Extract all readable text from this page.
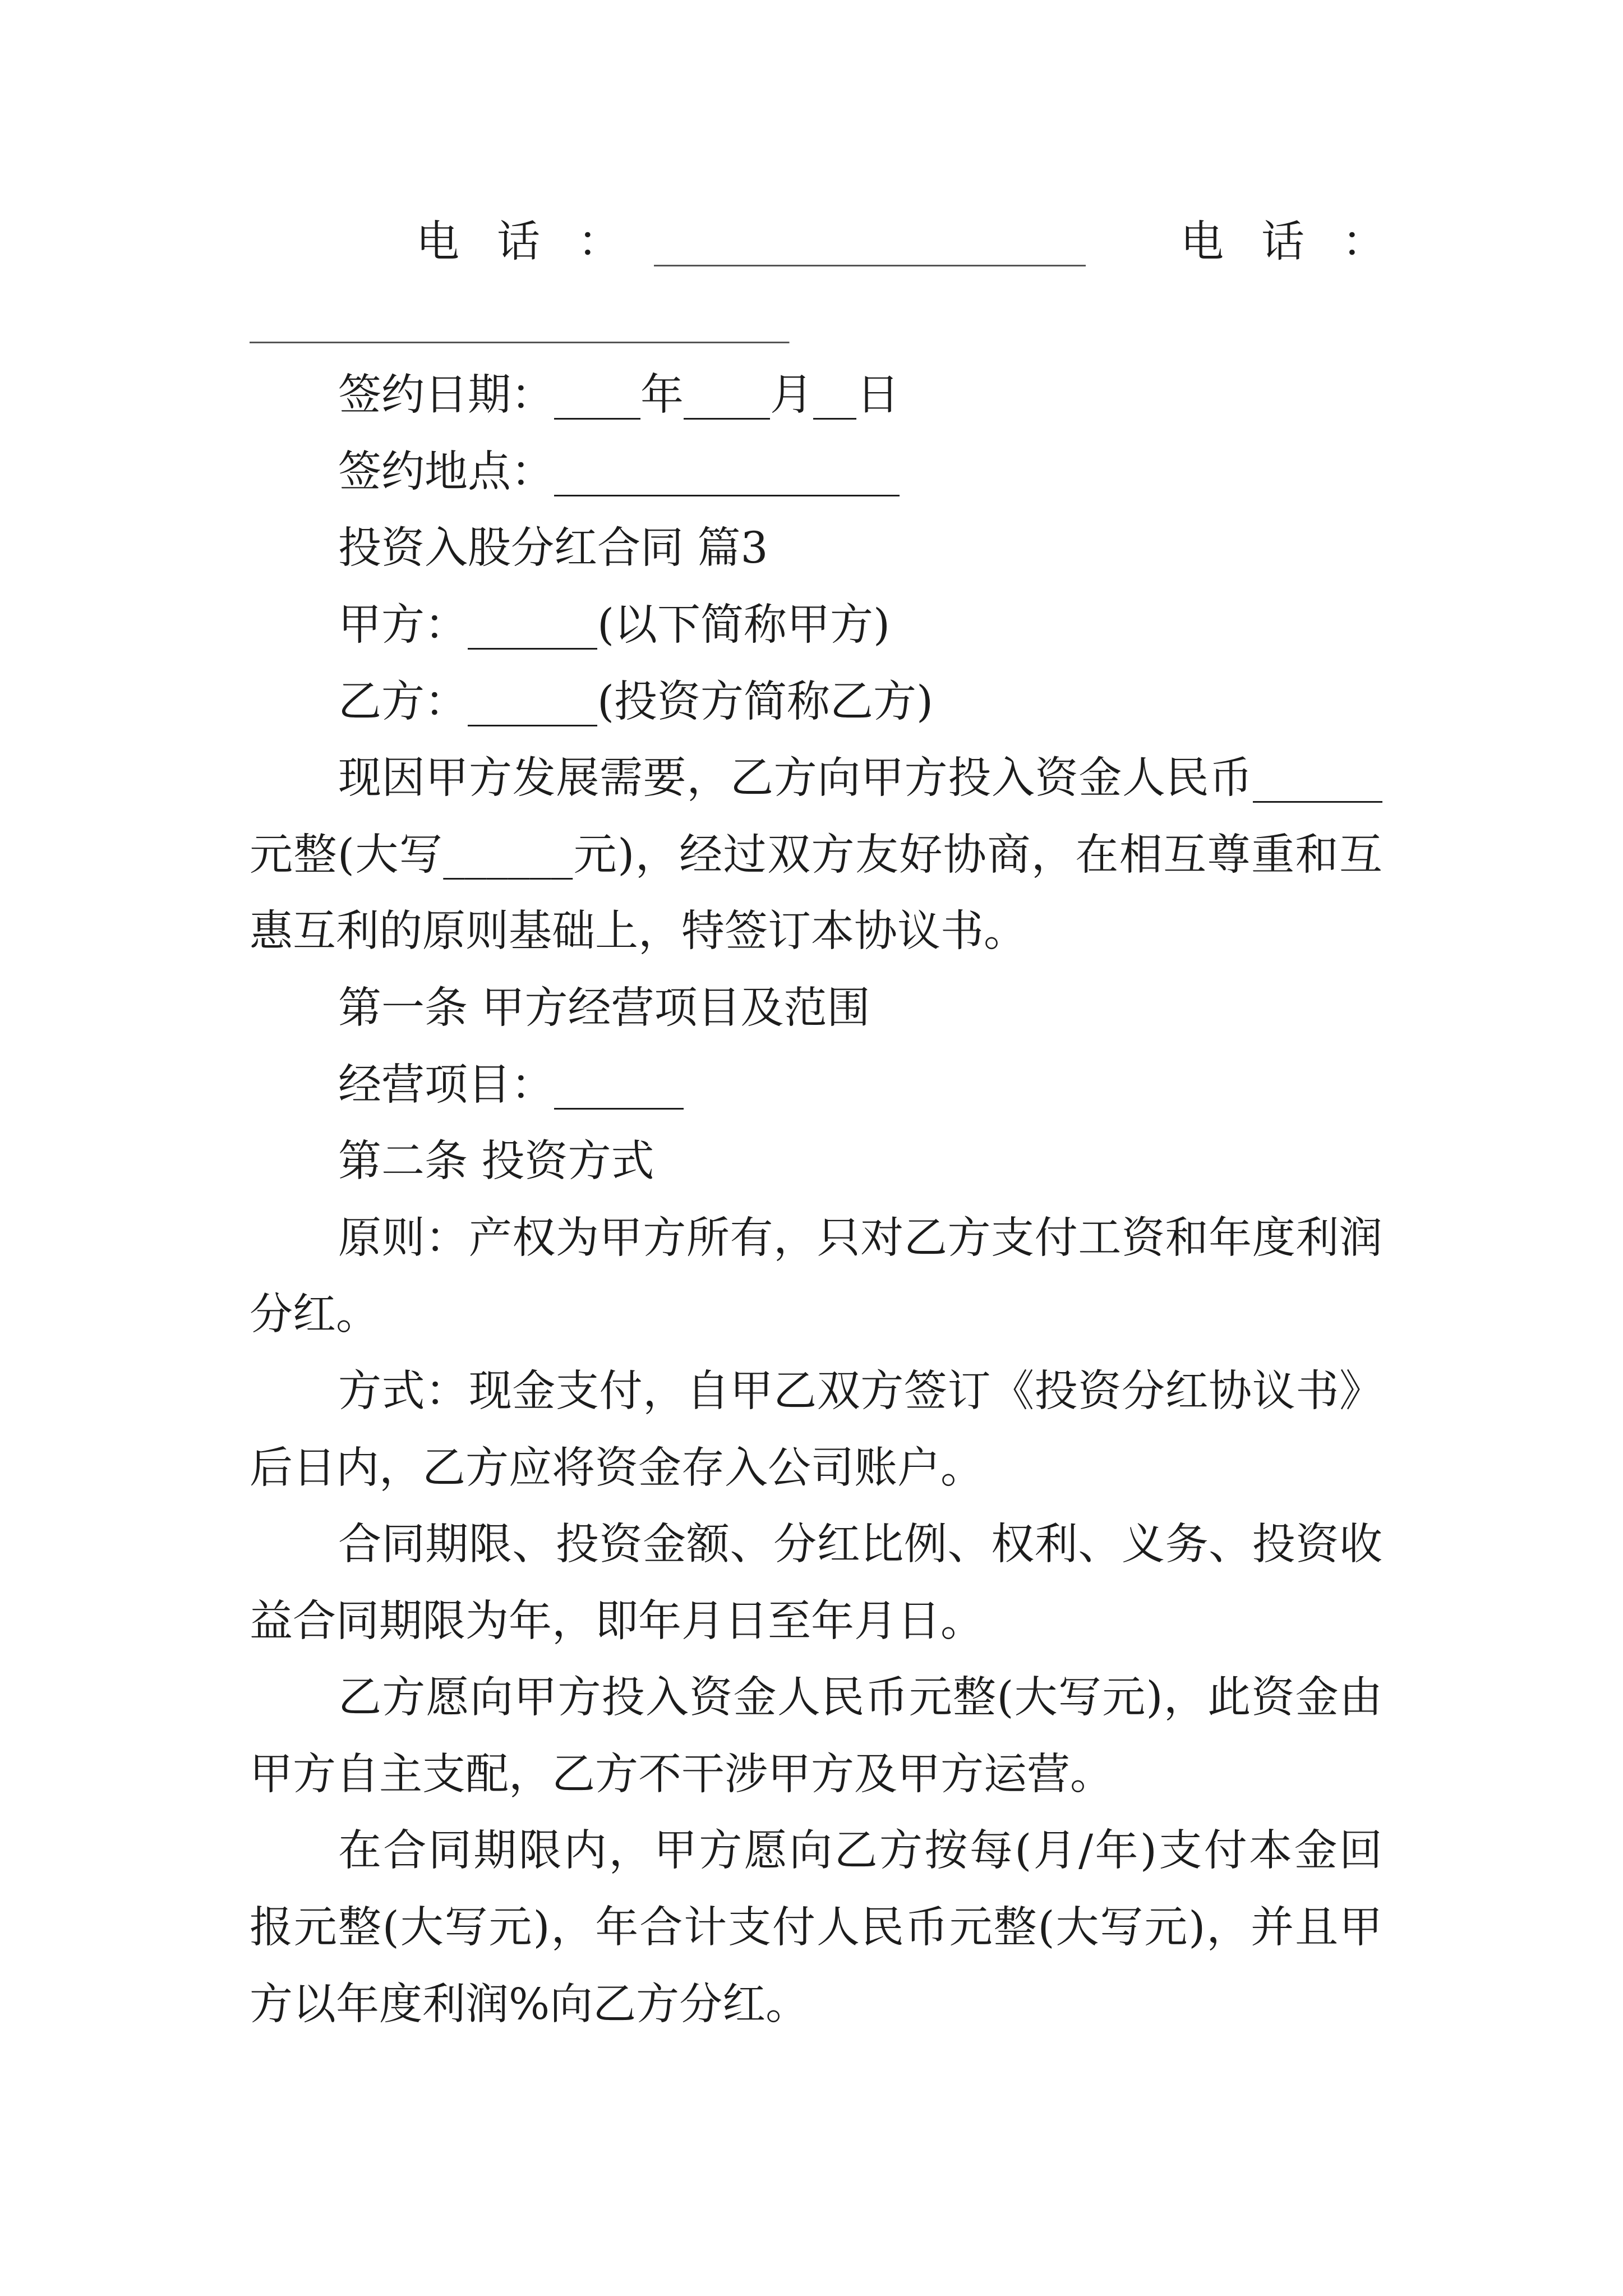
电话：

____________________

电话：

_________________________
签约日期：____年____月__日
签约地点：________________
投资入股分红合同 篇3
甲方：______(以下简称甲方)
乙方：______(投资方简称乙方)
现因甲方发展需要，乙方向甲方投入资金人民币______
元整(大写______元)，经过双方友好协商，在相互尊重和互
惠互利的原则基础上，特签订本协议书。
第一条 甲方经营项目及范围
经营项目：______
第二条 投资方式
原则：产权为甲方所有，只对乙方支付工资和年度利润
分红。
方式：现金支付，自甲乙双方签订《投资分红协议书》
后日内，乙方应将资金存入公司账户。
合同期限、投资金额、分红比例、权利、义务、投资收
益合同期限为年，即年月日至年月日。
乙方愿向甲方投入资金人民币元整(大写元)，此资金由
甲方自主支配，乙方不干涉甲方及甲方运营。
在合同期限内，甲方愿向乙方按每(月/年)支付本金回
报元整(大写元)，年合计支付人民币元整(大写元)，并且甲
方以年度利润%向乙方分红。
